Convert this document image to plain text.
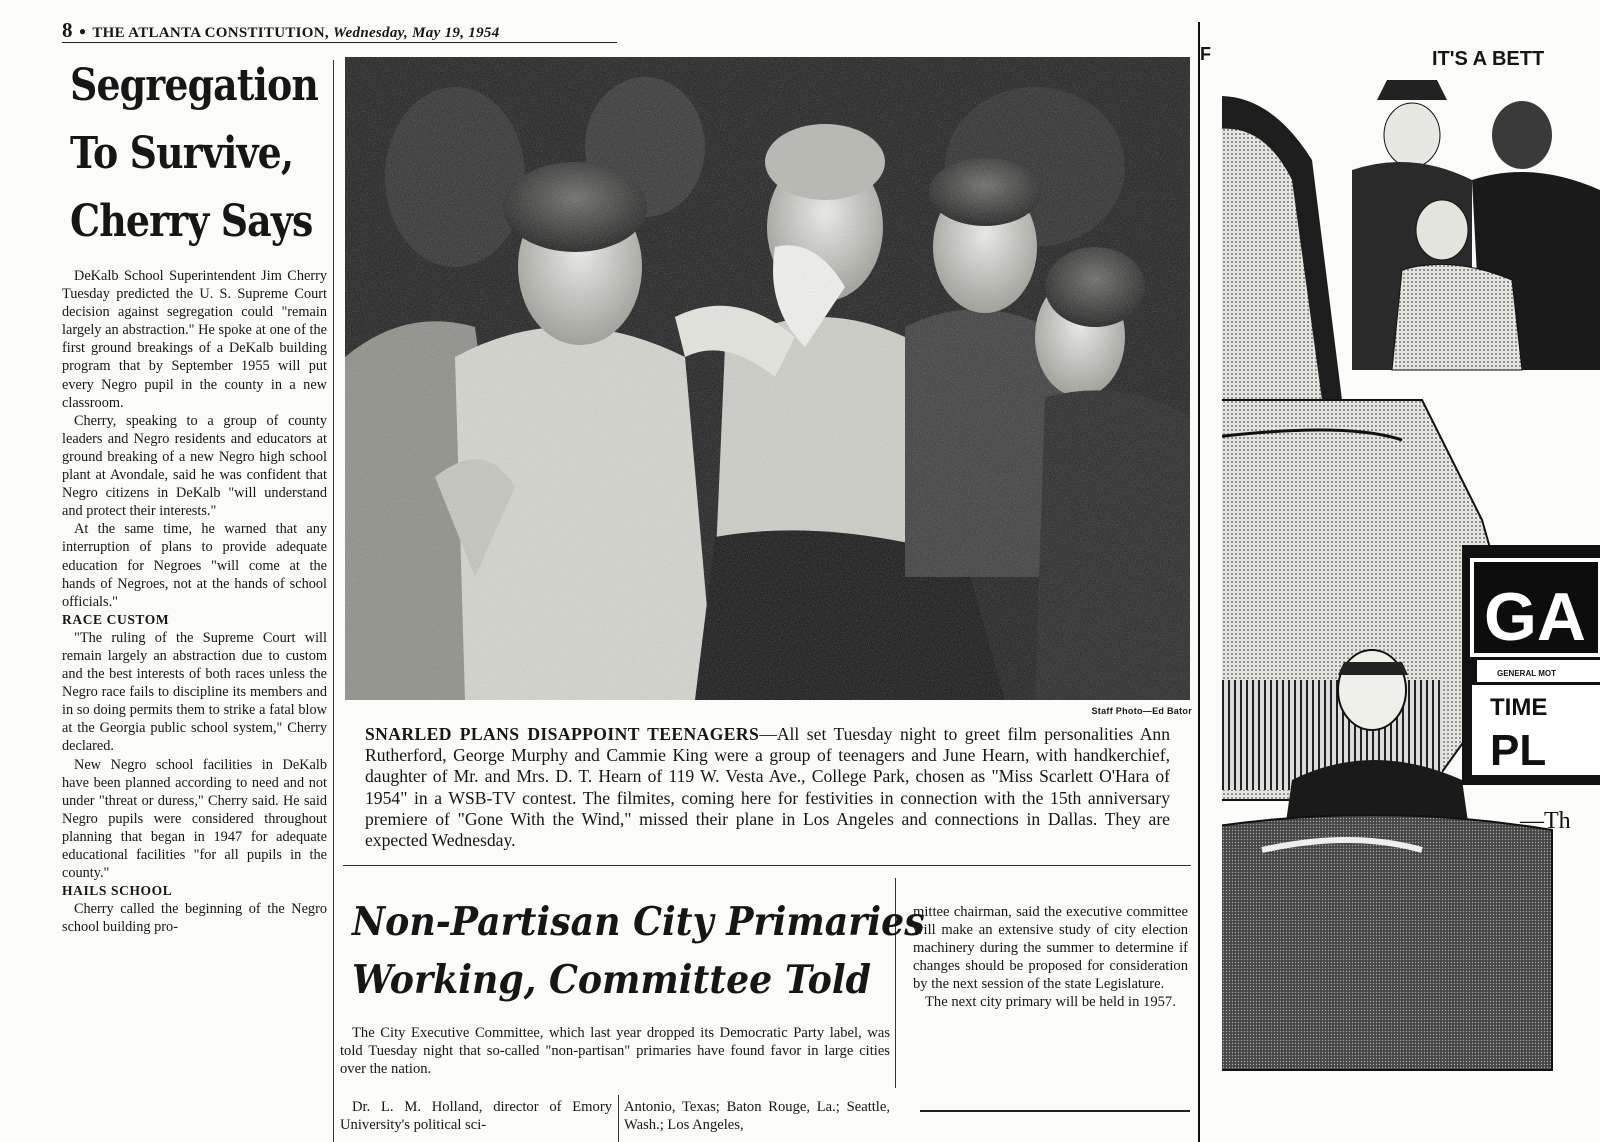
8 ● THE ATLANTA CONSTITUTION, Wednesday, May 19, 1954
Segregation
To Survive,
Cherry Says

DeKalb School Superintendent Jim Cherry Tuesday predicted the U. S. Supreme Court decision against segregation could "remain largely an abstraction." He spoke at one of the first ground breakings of a DeKalb building program that by September 1955 will put every Negro pupil in the county in a new classroom.

Cherry, speaking to a group of county leaders and Negro residents and educators at ground breaking of a new Negro high school plant at Avondale, said he was confident that Negro citizens in DeKalb "will understand and protect their interests."

At the same time, he warned that any interruption of plans to provide adequate education for Negroes "will come at the hands of Negroes, not at the hands of school officials."

RACE CUSTOM

"The ruling of the Supreme Court will remain largely an abstraction due to custom and the best interests of both races unless the Negro race fails to discipline its members and in so doing permits them to strike a fatal blow at the Georgia public school system," Cherry declared.

New Negro school facilities in DeKalb have been planned according to need and not under "threat or duress," Cherry said. He said Negro pupils were considered throughout planning that began in 1947 for adequate educational facilities "for all pupils in the county."

HAILS SCHOOL

Cherry called the beginning of the Negro school building pro-

Staff Photo—Ed Bator
SNARLED PLANS DISAPPOINT TEENAGERS—All set Tuesday night to greet film personalities Ann Rutherford, George Murphy and Cammie King were a group of teenagers and June Hearn, with handkerchief, daughter of Mr. and Mrs. D. T. Hearn of 119 W. Vesta Ave., College Park, chosen as "Miss Scarlett O'Hara of 1954" in a WSB-TV contest. The filmites, coming here for festivities in connection with the 15th anniversary premiere of "Gone With the Wind," missed their plane in Los Angeles and connections in Dallas. They are expected Wednesday.
Non-Partisan City Primaries
Working, Committee Told

The City Executive Committee, which last year dropped its Democratic Party label, was told Tuesday night that so-called "non-partisan" primaries have found favor in large cities over the nation.

Dr. L. M. Holland, director of Emory University's political sci-

Antonio, Texas; Baton Rouge, La.; Seattle, Wash.; Los Angeles,

mittee chairman, said the executive committee will make an extensive study of city election machinery during the summer to determine if changes should be proposed for consideration by the next session of the state Legislature.

The next city primary will be held in 1957.

GA
GENERAL MOT
TIME
PL
—Th
IT'S A BETT
F
